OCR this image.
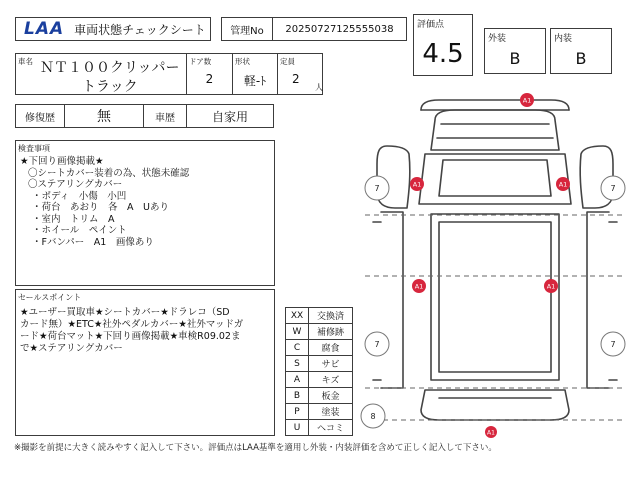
LAA 車両状態チェックシート	管理No	20250727125555038	評価点
4.5	外装
B
内装
B
車名 ＮＴ１００クリッパー
トラック
ドア数
2
形状
軽-ﾄ
定員
2
人
修復歴	無	車歴	自家用
検査事項
★下回り画像掲載★
〇シートカバー装着の為、状態未確認
〇ステアリングカバー
・ボディ　小傷　小凹
・荷台　あおり　各　A　Uあり
・室内　トリム　A
・ホイール　ペイント
・Fバンパー　A1　画像あり
セールスポイント
★ユーザー買取車★シートカバー★ドラレコ（SD
カード無）★ETC★社外ペダルカバー★社外マッドガ
ード★荷台マット★下回り画像掲載★車検R09.02ま
で★ステアリングカバー
XX	交換済
W	補修跡
C	腐食
S	サビ
A	キズ
B	板金
P	塗装
U	ヘコミ
7	7
7	7
8
A1
A1	A1
A1	A1
A1
※撮影を前提に大きく読みやすく記入して下さい。評価点はLAA基準を適用し外装・内装評価を含めて正しく記入して下さい。
